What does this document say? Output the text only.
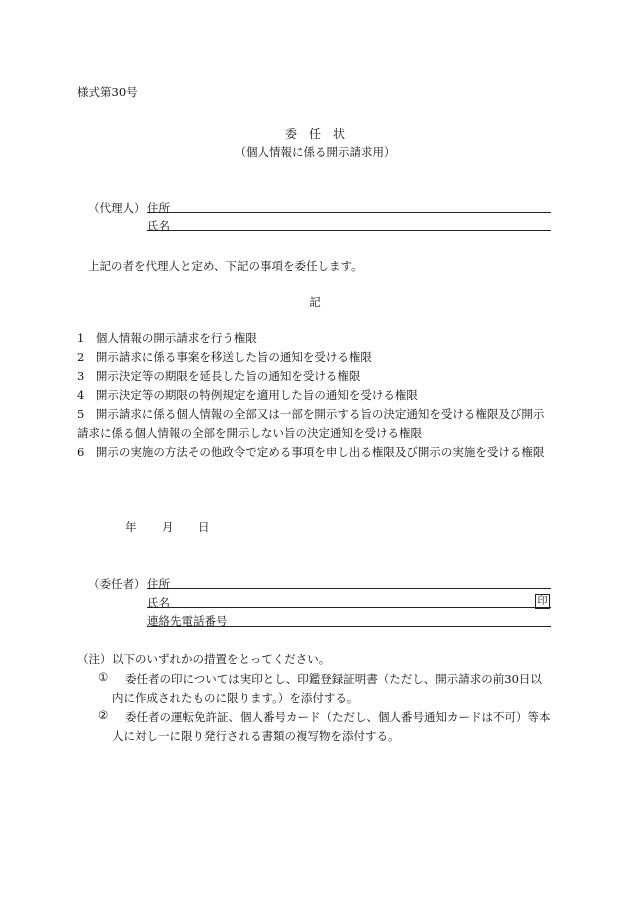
様式第30号
委　任　状
（個人情報に係る開示請求用）
（代理人） 住所
氏名
上記の者を代理人と定め、下記の事項を委任します。
記
1　 個人情報の開示請求を行う権限
2　 開示請求に係る事案を移送した旨の通知を受ける権限
3　 開示決定等の期限を延長した旨の通知を受ける権限
4　 開示決定等の期限の特例規定を適用した旨の通知を受ける権限
5　 開示請求に係る個人情報の全部又は一部を開示する旨の決定通知を受ける権限及び開示請求に係る個人情報の全部を開示しない旨の決定通知を受ける権限
6　 開示の実施の方法その他政令で定める事項を申し出る権限及び開示の実施を受ける権限
年 月 日
（委任者） 住所
氏名	印
連絡先電話番号
（注） 以下のいずれかの措置をとってください。
①	委任者の印については実印とし、印鑑登録証明書（ただし、開示請求の前30日以内に作成されたものに限ります。）を添付する。
②	委任者の運転免許証、個人番号カード（ただし、個人番号通知カードは不可）等本人に対し一に限り発行される書類の複写物を添付する。
